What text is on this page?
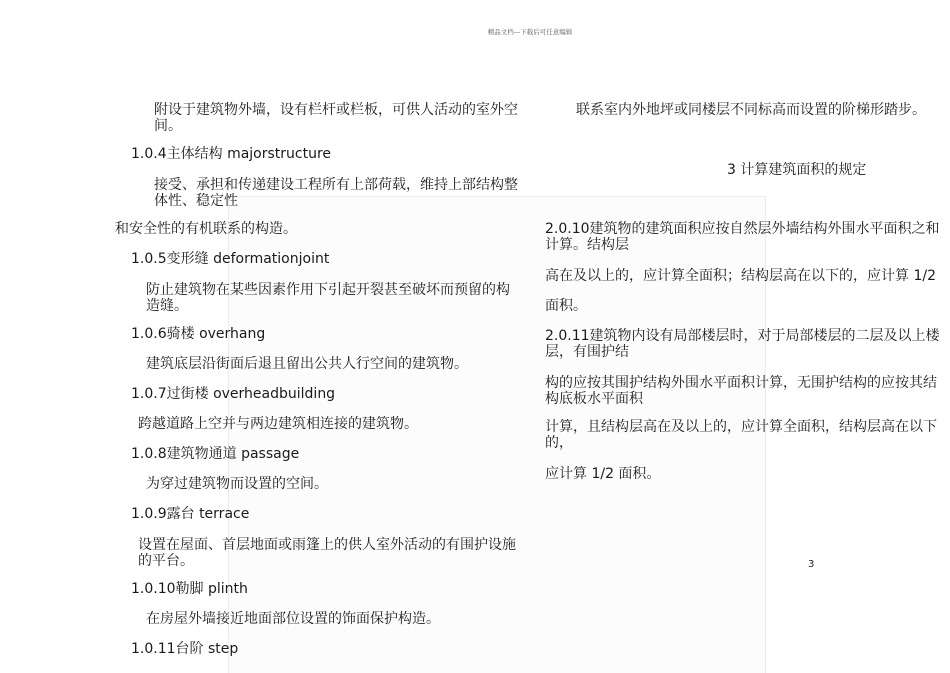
精品文档---下载后可任意编辑
附设于建筑物外墙，设有栏杆或栏板，可供人活动的室外空间。
1.0.4主体结构 majorstructure
接受、承担和传递建设工程所有上部荷载，维持上部结构整体性、稳定性
和安全性的有机联系的构造。
1.0.5变形缝 deformationjoint
防止建筑物在某些因素作用下引起开裂甚至破坏而预留的构造缝。
1.0.6骑楼 overhang
建筑底层沿街面后退且留出公共人行空间的建筑物。
1.0.7过街楼 overheadbuilding
跨越道路上空并与两边建筑相连接的建筑物。
1.0.8建筑物通道 passage
为穿过建筑物而设置的空间。
1.0.9露台 terrace
设置在屋面、首层地面或雨篷上的供人室外活动的有围护设施的平台。
1.0.10勒脚 plinth
在房屋外墙接近地面部位设置的饰面保护构造。
1.0.11台阶 step
联系室内外地坪或同楼层不同标高而设置的阶梯形踏步。
3 计算建筑面积的规定
2.0.10建筑物的建筑面积应按自然层外墙结构外围水平面积之和计算。结构层
高在及以上的，应计算全面积；结构层高在以下的，应计算 1/2
面积。
2.0.11建筑物内设有局部楼层时，对于局部楼层的二层及以上楼层，有围护结
构的应按其围护结构外围水平面积计算，无围护结构的应按其结构底板水平面积
计算，且结构层高在及以上的，应计算全面积，结构层高在以下的，
应计算 1/2 面积。
3
